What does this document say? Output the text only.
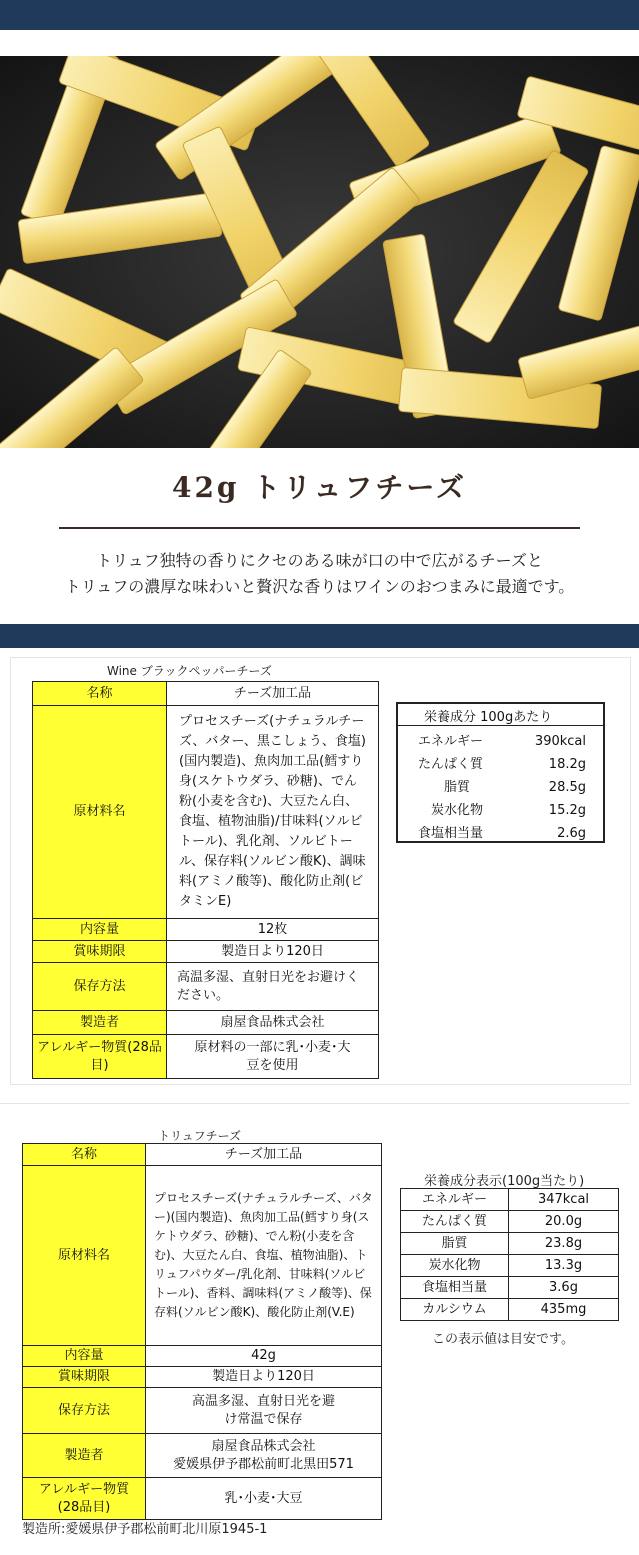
42g トリュフチーズ
トリュフ独特の香りにクセのある味が口の中で広がるチーズと
トリュフの濃厚な味わいと贅沢な香りはワインのおつまみに最適です。
Wine ブラックペッパーチーズ
名称	チーズ加工品
原材料名	プロセスチーズ(ナチュラルチーズ、バター、黒こしょう、食塩)(国内製造)、魚肉加工品(鱈すり身(スケトウダラ、砂糖)、でん粉(小麦を含む)、大豆たん白、食塩、植物油脂)/甘味料(ソルビトール)、乳化剤、ソルビトール、保存料(ソルビン酸K)、調味料(アミノ酸等)、酸化防止剤(ビタミンE)
内容量	12枚
賞味期限	製造日より120日
保存方法	高温多湿、直射日光をお避けください。
製造者	扇屋食品株式会社
アレルギー物質(28品目)	原材料の一部に乳･小麦･大豆を使用
栄養成分 100gあたり
エネルギー	390kcal
たんぱく質	18.2g
脂質	28.5g
炭水化物	15.2g
食塩相当量	2.6g
トリュフチーズ
名称	チーズ加工品
原材料名	プロセスチーズ(ナチュラルチーズ、バター)(国内製造)、魚肉加工品(鱈すり身(スケトウダラ、砂糖)、でん粉(小麦を含む)、大豆たん白、食塩、植物油脂)、トリュフパウダー/乳化剤、甘味料(ソルビトール)、香料、調味料(アミノ酸等)、保存料(ソルビン酸K)、酸化防止剤(V.E)
内容量	42g
賞味期限	製造日より120日
保存方法	高温多湿、直射日光を避け常温で保存
製造者	扇屋食品株式会社
愛媛県伊予郡松前町北黒田571

アレルギー物質(28品目)	乳･小麦･大豆
栄養成分表示(100g当たり)
エネルギー	347kcal
たんぱく質	20.0g
脂質	23.8g
炭水化物	13.3g
食塩相当量	3.6g
カルシウム	435mg
この表示値は目安です。
製造所:愛媛県伊予郡松前町北川原1945-1
